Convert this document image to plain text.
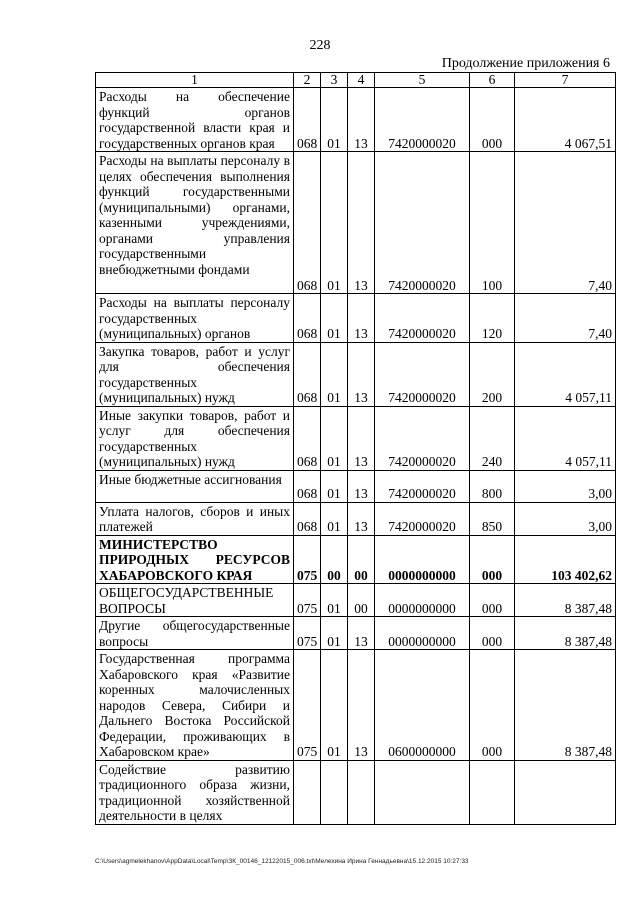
228
Продолжение приложения 6
1	2	3	4	5	6	7
Расходы на обеспечение функций органов государственной власти края и государственных органов края	068	01	13	7420000020	000	4 067,51
Расходы на выплаты персоналу в целях обеспечения выполнения функций государственными (муниципальными) органами, казенными учреждениями, органами управления государственными внебюджетными фондами	068	01	13	7420000020	100	7,40
Расходы на выплаты персоналу государственных (муниципальных) органов	068	01	13	7420000020	120	7,40
Закупка товаров, работ и услуг для обеспечения государственных (муниципальных) нужд	068	01	13	7420000020	200	4 057,11
Иные закупки товаров, работ и услуг для обеспечения государственных (муниципальных) нужд	068	01	13	7420000020	240	4 057,11
Иные бюджетные ассигнования	068	01	13	7420000020	800	3,00
Уплата налогов, сборов и иных платежей	068	01	13	7420000020	850	3,00
МИНИСТЕРСТВО ПРИРОДНЫХ РЕСУРСОВ ХАБАРОВСКОГО КРАЯ	075	00	00	0000000000	000	103 402,62
ОБЩЕГОСУДАРСТВЕННЫЕ ВОПРОСЫ	075	01	00	0000000000	000	8 387,48
Другие общегосударственные вопросы	075	01	13	0000000000	000	8 387,48
Государственная программа Хабаровского края «Развитие коренных малочисленных народов Севера, Сибири и Дальнего Востока Российской Федерации, проживающих в Хабаровском крае»	075	01	13	0600000000	000	8 387,48
Содействие развитию традиционного образа жизни, традиционной хозяйственной деятельности в целях						
C:\Users\agmelekhanov\AppData\Local\Temp\ЗК_00146_12122015_006.txt\Мелехина Ирина Геннадьевна\15.12.2015 10:27:33
